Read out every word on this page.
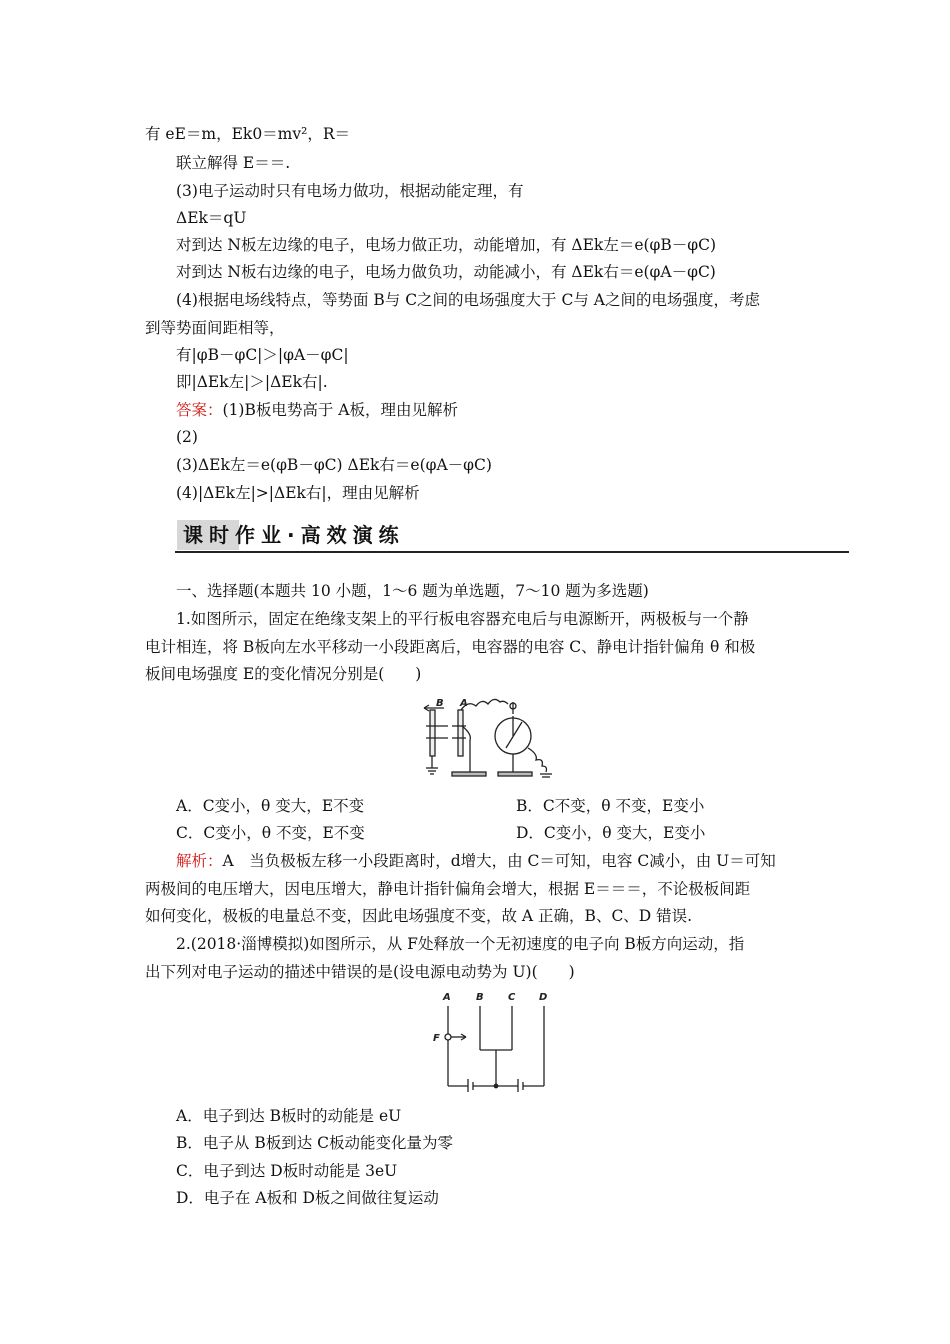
有 eE＝m，Ek0＝mv²，R＝
联立解得 E＝＝.
(3)电子运动时只有电场力做功，根据动能定理，有
ΔEk＝qU
对到达 N板左边缘的电子，电场力做正功，动能增加，有 ΔEk左＝e(φB－φC)
对到达 N板右边缘的电子，电场力做负功，动能减小，有 ΔEk右＝e(φA－φC)
(4)根据电场线特点，等势面 B与 C之间的电场强度大于 C与 A之间的电场强度，考虑
到等势面间距相等，
有|φB－φC|＞|φA－φC|
即|ΔEk左|＞|ΔEk右|.
答案：(1)B板电势高于 A板，理由见解析
(2)
(3)ΔEk左＝e(φB－φC) ΔEk右＝e(φA－φC)
(4)|ΔEk左|>|ΔEk右|，理由见解析
课时作业·高效演练
一、选择题(本题共 10 小题，1～6 题为单选题，7～10 题为多选题)
1.如图所示，固定在绝缘支架上的平行板电容器充电后与电源断开，两极板与一个静
电计相连，将 B板向左水平移动一小段距离后，电容器的电容 C、静电计指针偏角 θ 和极
板间电场强度 E的变化情况分别是(　　)
B A
A．C变小，θ 变大，E不变	B．C不变，θ 不变，E变小
C．C变小，θ 不变，E不变	D．C变小，θ 变大，E变小
解析：A　当负极板左移一小段距离时，d增大，由 C＝可知，电容 C减小，由 U＝可知
两极间的电压增大，因电压增大，静电计指针偏角会增大，根据 E＝＝＝，不论极板间距
如何变化，极板的电量总不变，因此电场强度不变，故 A 正确，B、C、D 错误.
2.(2018·淄博模拟)如图所示，从 F处释放一个无初速度的电子向 B板方向运动，指
出下列对电子运动的描述中错误的是(设电源电动势为 U)(　　)
A	B C D
F
A．电子到达 B板时的动能是 eU
B．电子从 B板到达 C板动能变化量为零
C．电子到达 D板时动能是 3eU
D．电子在 A板和 D板之间做往复运动
